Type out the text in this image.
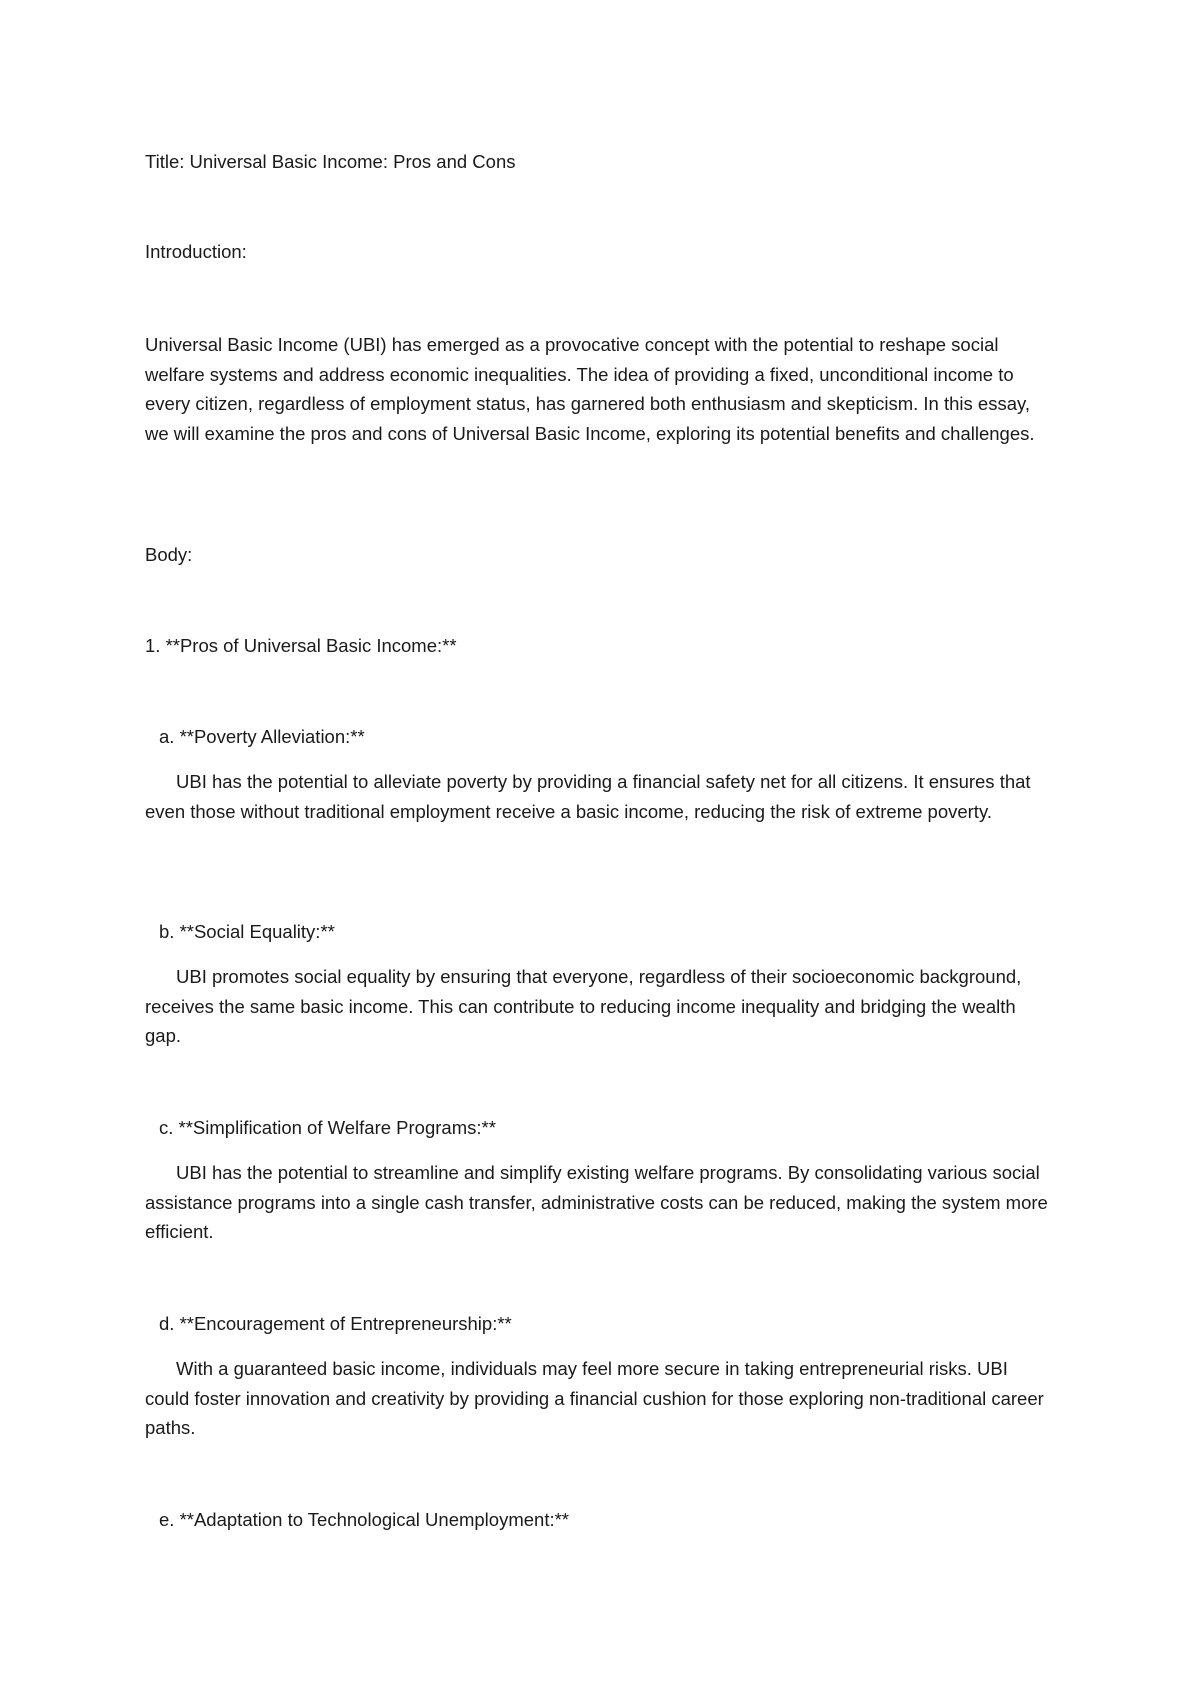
Title: Universal Basic Income: Pros and Cons

Introduction:

Universal Basic Income (UBI) has emerged as a provocative concept with the potential to reshape social welfare systems and address economic inequalities. The idea of providing a fixed, unconditional income to every citizen, regardless of employment status, has garnered both enthusiasm and skepticism. In this essay, we will examine the pros and cons of Universal Basic Income, exploring its potential benefits and challenges.

Body:

1. **Pros of Universal Basic Income:**

a. **Poverty Alleviation:**

UBI has the potential to alleviate poverty by providing a financial safety net for all citizens. It ensures that even those without traditional employment receive a basic income, reducing the risk of extreme poverty.

b. **Social Equality:**

UBI promotes social equality by ensuring that everyone, regardless of their socioeconomic background, receives the same basic income. This can contribute to reducing income inequality and bridging the wealth gap.

c. **Simplification of Welfare Programs:**

UBI has the potential to streamline and simplify existing welfare programs. By consolidating various social assistance programs into a single cash transfer, administrative costs can be reduced, making the system more efficient.

d. **Encouragement of Entrepreneurship:**

With a guaranteed basic income, individuals may feel more secure in taking entrepreneurial risks. UBI could foster innovation and creativity by providing a financial cushion for those exploring non-traditional career paths.

e. **Adaptation to Technological Unemployment:**
